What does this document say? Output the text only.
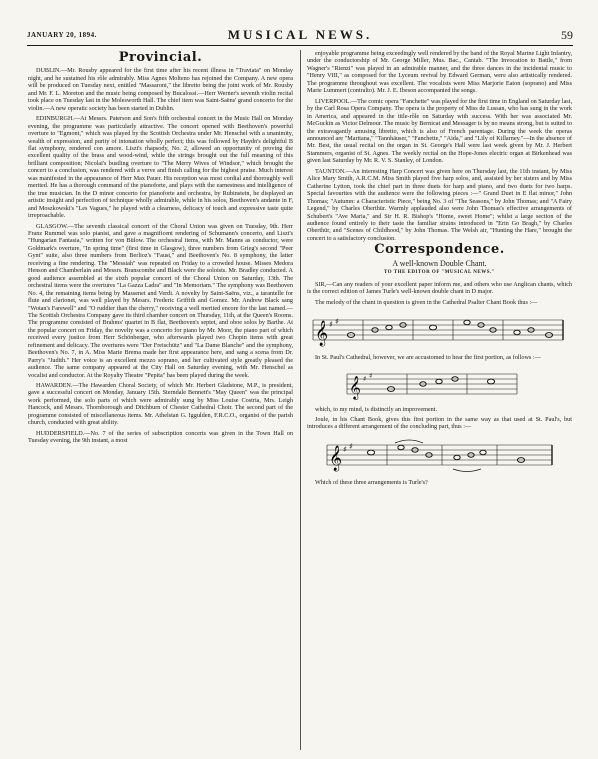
JANUARY 20, 1894.	MUSICAL NEWS.	59
Provincial.

DUBLIN.—Mr. Rousby appeared for the first time after his recent illness in "Traviata" on Monday night, and he sustained his rôle admirably. Miss Agnes Molteno has rejoined the Company. A new opera will be produced on Tuesday next, entitled "Massaroni," the libretto being the joint work of Mr. Rousby and Mr. F. L. Moreton and the music being composed by Bucalossi.—Herr Werner's seventh violin recital took place on Tuesday last in the Molesworth Hall. The chief item was Saint-Saëns' grand concerto for the violin.—A new operatic society has been started in Dublin.

EDINBURGH.—At Messrs. Paterson and Son's fifth orchestral concert in the Music Hall on Monday evening, the programme was particularly attractive. The concert opened with Beethoven's powerful overture to "Egmont," which was played by the Scottish Orchestra under Mr. Henschel with a unanimity, wealth of expression, and purity of intonation wholly perfect; this was followed by Haydn's delightful B flat symphony, rendered con amore. Liszt's rhapsody, No. 2, allowed an opportunity of proving the excellent quality of the brass and wood-wind, while the strings brought out the full meaning of this brilliant composition; Nicolai's bustling overture to "The Merry Wives of Windsor," which brought the concert to a conclusion, was rendered with a verve and finish calling for the highest praise. Much interest was manifested in the appearance of Herr Max Pauer. His reception was most cordial and thoroughly well merited. He has a thorough command of the pianoforte, and plays with the earnestness and intelligence of the true musician. In the D minor concerto for pianoforte and orchestra, by Rubinstein, he displayed an artistic insight and perfection of technique wholly admirable, while in his solos, Beethoven's andante in F, and Moszkowski's "Les Vagues," he played with a clearness, delicacy of touch and expressive taste quite irreproachable.

GLASGOW.—The seventh classical concert of the Choral Union was given on Tuesday, 9th. Herr Franz Rummel was solo pianist, and gave a magnificent rendering of Schumann's concerto, and Liszt's "Hungarian Fantasia," written for von Bülow. The orchestral items, with Mr. Manns as conductor, were Goldmark's overture, "In spring time" (first time in Glasgow), three numbers from Grieg's second "Peer Gynt" suite, also three numbers from Berlioz's "Faust," and Beethoven's No. 8 symphony, the latter receiving a fine rendering. The "Messiah" was repeated on Friday to a crowded house. Misses Medora Henson and Chamberlain and Messrs. Branscombe and Black were the soloists. Mr. Bradley conducted. A good audience assembled at the sixth popular concert of the Choral Union on Saturday, 13th. The orchestral items were the overtures "La Gazza Ladra" and "In Memoriam." The symphony was Beethoven No. 4, the remaining items being by Massenet and Verdi. A novelty by Saint-Saëns, viz., a tarantelle for flute and clarionet, was well played by Messrs. Frederic Griffith and Gomez. Mr. Andrew Black sang "Wotan's Farewell" and "O ruddier than the cherry," receiving a well merited encore for the last named.—The Scottish Orchestra Company gave its third chamber concert on Thursday, 11th, at the Queen's Rooms. The programme consisted of Brahms' quartet in B flat, Beethoven's septet, and oboe solos by Barthe. At the popular concert on Friday, the novelty was a concerto for piano by Mr. Moor, the piano part of which received every justice from Herr Schönberger, who afterwards played two Chopin items with great refinement and delicacy. The overtures were "Der Freischütz" and "La Dame Blanche" and the symphony, Beethoven's No. 7, in A. Miss Marie Brema made her first appearance here, and sang a scena from Dr. Parry's "Judith." Her voice is an excellent mezzo soprano, and her cultivated style greatly pleased the audience. The same company appeared at the City Hall on Saturday evening, with Mr. Henschel as vocalist and conductor. At the Royalty Theatre "Pepita" has been played during the week.

HAWARDEN.—The Hawarden Choral Society, of which Mr. Herbert Gladstone, M.P., is president, gave a successful concert on Monday, January 15th. Sterndale Bennett's "May Queen" was the principal work performed, the solo parts of which were admirably sung by Miss Louise Costria, Mrs. Leigh Hancock, and Messrs. Thornborough and Ditchburn of Chester Cathedral Choir. The second part of the programme consisted of miscellaneous items. Mr. Athelstan G. Iggulden, F.R.C.O., organist of the parish church, conducted with great ability.

HUDDERSFIELD.—No. 7 of the series of subscription concerts was given in the Town Hall on Tuesday evening, the 9th instant, a most

enjoyable programme being exceedingly well rendered by the band of the Royal Marine Light Infantry, under the conductorship of Mr. George Miller, Mus. Bac., Cantab. "The Invocation to Battle," from Wagner's "Rienzi" was played in an admirable manner, and the three dances in the incidental music to "Henry VIII," as composed for the Lyceum revival by Edward German, were also artistically rendered. The programme throughout was excellent. The vocalists were Miss Marjorie Eaton (soprano) and Miss Marie Lummert (contralto). Mr. J. E. Ibeson accompanied the songs.

LIVERPOOL.—The comic opera "Fanchette" was played for the first time in England on Saturday last, by the Carl Rosa Opera Company. The opera is the property of Miss de Lussan, who has sung in the work in America, and appeared in the title-rôle on Saturday with success. With her was associated Mr. McGuckin as Victor Delmour. The music by Bernicat and Messager is by no means strong, but is suited to the extravagantly amusing libretto, which is also of French parentage. During the week the operas announced are "Maritana," "Tannhäuser," "Fanchette," "Aida," and "Lily of Killarney."—In the absence of Mr. Best, the usual recital on the organ in St. George's Hall were last week given by Mr. J. Herbert Stammers, organist of St. Agnes. The weekly recital on the Hope-Jones electric organ at Birkenhead was given last Saturday by Mr. R. V. S. Stanley, of London.

TAUNTON.—An interesting Harp Concert was given here on Thursday last, the 11th instant, by Miss Alice Mary Smith, A.R.C.M. Miss Smith played five harp solos, and, assisted by her sisters and by Miss Catherine Lytton, took the chief part in three duets for harp and piano, and two duets for two harps. Special favourites with the audience were the following pieces :—" Grand Duet in E flat minor," John Thomas; "Autumn: a Characteristic Piece," being No. 3 of "The Seasons," by John Thomas; and "A Fairy Legend," by Charles Oberthür. Warmly applauded also were John Thomas's effective arrangements of Schubert's "Ave Maria," and Sir H. R. Bishop's "Home, sweet Home"; whilst a large section of the audience found entirely to their taste the familiar strains introduced in "Erin Go Bragh," by Charles Oberthür, and "Scenes of Childhood," by John Thomas. The Welsh air, "Hunting the Hare," brought the concert to a satisfactory conclusion.

Correspondence.
A well-known Double Chant.
TO THE EDITOR OF "MUSICAL NEWS."

SIR,—Can any readers of your excellent paper inform me, and others who use Anglican chants, which is the correct edition of James Turle's well-known double chant in D major.

The melody of the chant in question is given in the Cathedral Psalter Chant Book thus :—

𝄞 ♯ ♯

In St. Paul's Cathedral, however, we are accustomed to hear the first portion, as follows :—

𝄞 ♯ ♯

which, to my mind, is distinctly an improvement.

Joule, in his Chant Book, gives this first portion in the same way as that used at St. Paul's, but introduces a different arrangement of the concluding part, thus :—

𝄞 ♯ ♯

Which of these three arrangements is Turle's?
